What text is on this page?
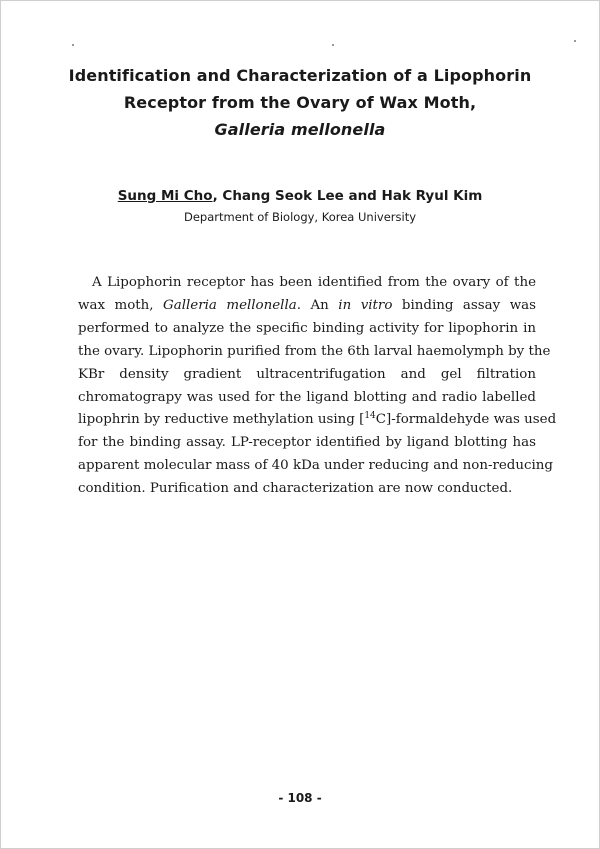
Identification and Characterization of a Lipophorin
Receptor from the Ovary of Wax Moth,
Galleria mellonella
Sung Mi Cho, Chang Seok Lee and Hak Ryul Kim
Department of Biology, Korea University
A Lipophorin receptor has been identified from the ovary of the
wax moth, Galleria mellonella. An in vitro binding assay was
performed to analyze the specific binding activity for lipophorin in
the ovary. Lipophorin purified from the 6th larval haemolymph by the
KBr density gradient ultracentrifugation and gel filtration
chromatograpy was used for the ligand blotting and radio labelled
lipophrin by reductive methylation using [$^{14}$C]-formaldehyde was used
for the binding assay. LP-receptor identified by ligand blotting has
apparent molecular mass of 40 kDa under reducing and non-reducing
condition. Purification and characterization are now conducted.
- 108 -
